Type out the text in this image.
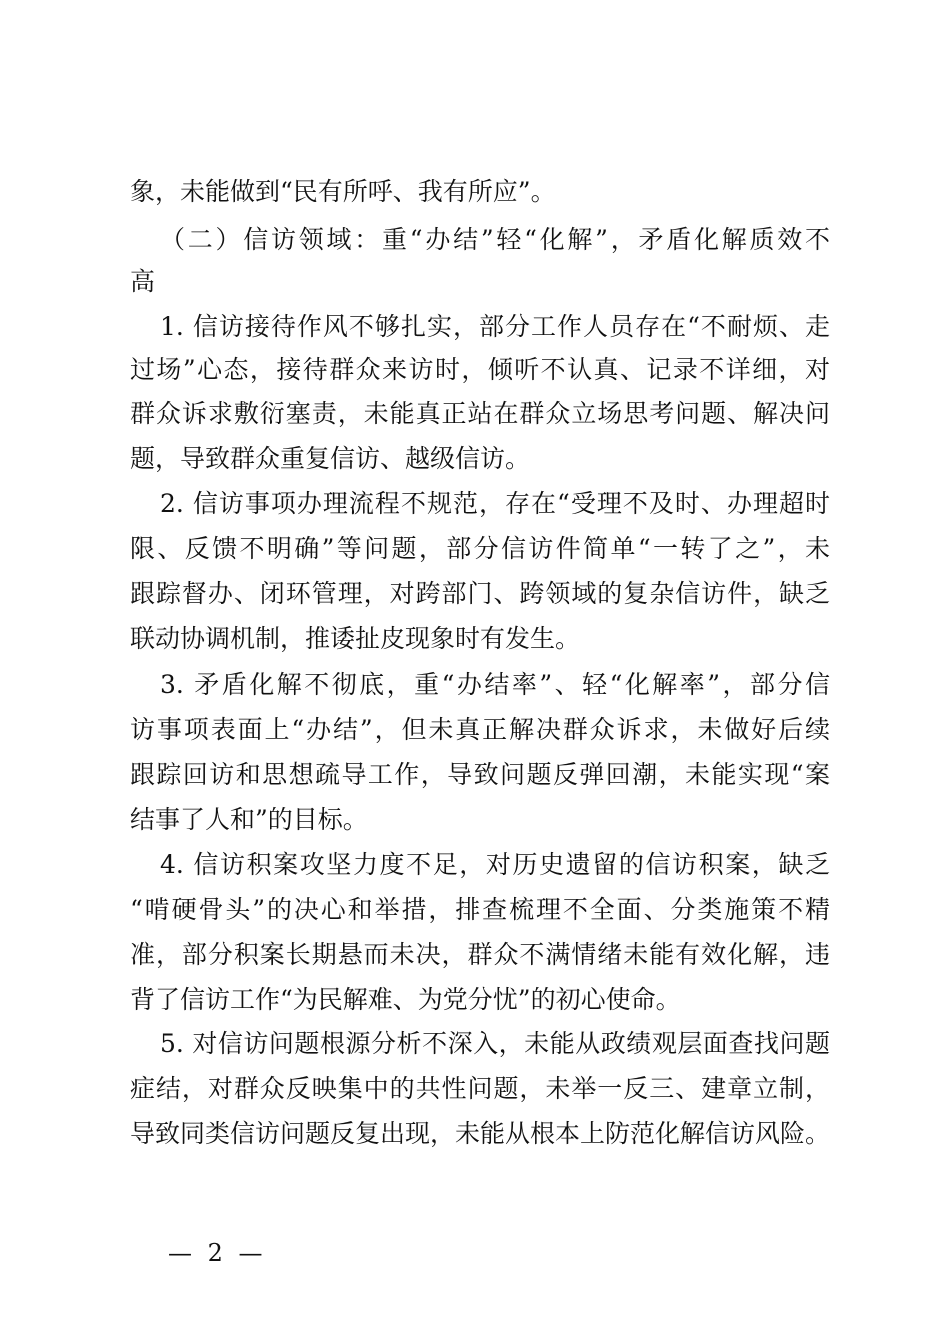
象，未能做到“民有所呼、我有所应”。
（二）信访领域：重“办结”轻“化解”，矛盾化解质效不
高
1. 信访接待作风不够扎实，部分工作人员存在“不耐烦、走
过场”心态，接待群众来访时，倾听不认真、记录不详细，对
群众诉求敷衍塞责，未能真正站在群众立场思考问题、解决问
题，导致群众重复信访、越级信访。
2. 信访事项办理流程不规范，存在“受理不及时、办理超时
限、反馈不明确”等问题，部分信访件简单“一转了之”，未
跟踪督办、闭环管理，对跨部门、跨领域的复杂信访件，缺乏
联动协调机制，推诿扯皮现象时有发生。
3. 矛盾化解不彻底，重“办结率”、轻“化解率”，部分信
访事项表面上“办结”，但未真正解决群众诉求，未做好后续
跟踪回访和思想疏导工作，导致问题反弹回潮，未能实现“案
结事了人和”的目标。
4. 信访积案攻坚力度不足，对历史遗留的信访积案，缺乏
“啃硬骨头”的决心和举措，排查梳理不全面、分类施策不精
准，部分积案长期悬而未决，群众不满情绪未能有效化解，违
背了信访工作“为民解难、为党分忧”的初心使命。
5. 对信访问题根源分析不深入，未能从政绩观层面查找问题
症结，对群众反映集中的共性问题，未举一反三、建章立制，
导致同类信访问题反复出现，未能从根本上防范化解信访风险。
— 2 —
